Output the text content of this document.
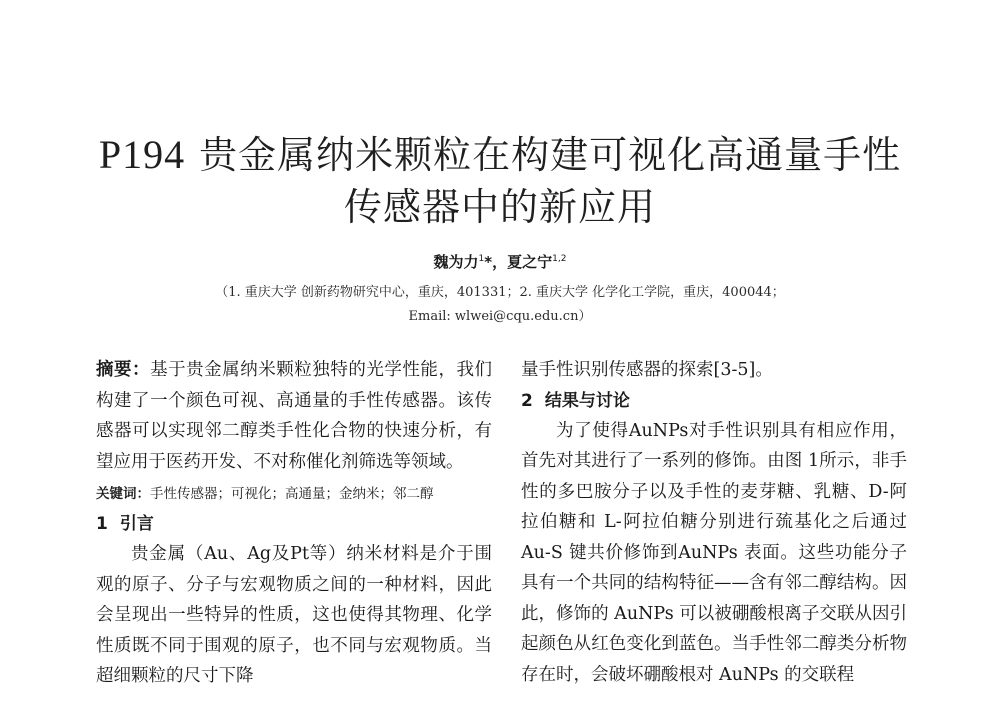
P194 贵金属纳米颗粒在构建可视化高通量手性
传感器中的新应用
魏为力$^1$*，夏之宁$^{1,2}$
（1. 重庆大学 创新药物研究中心，重庆，401331；2. 重庆大学 化学化工学院，重庆，400044；
Email: wlwei@cqu.edu.cn）

摘要：基于贵金属纳米颗粒独特的光学性能，我们构建了一个颜色可视、高通量的手性传感器。该传感器可以实现邻二醇类手性化合物的快速分析，有望应用于医药开发、不对称催化剂筛选等领域。

关键词：手性传感器；可视化；高通量；金纳米；邻二醇

1 引言

贵金属（Au、Ag及Pt等）纳米材料是介于围观的原子、分子与宏观物质之间的一种材料，因此会呈现出一些特异的性质，这也使得其物理、化学性质既不同于围观的原子，也不同与宏观物质。当超细颗粒的尺寸下降

量手性识别传感器的探索[3-5]。

2 结果与讨论

为了使得AuNPs对手性识别具有相应作用，首先对其进行了一系列的修饰。由图 1所示，非手性的多巴胺分子以及手性的麦芽糖、乳糖、D-阿拉伯糖和 L-阿拉伯糖分别进行巯基化之后通过 Au-S 键共价修饰到AuNPs 表面。这些功能分子具有一个共同的结构特征——含有邻二醇结构。因此，修饰的 AuNPs 可以被硼酸根离子交联从因引起颜色从红色变化到蓝色。当手性邻二醇类分析物存在时，会破坏硼酸根对 AuNPs 的交联程
